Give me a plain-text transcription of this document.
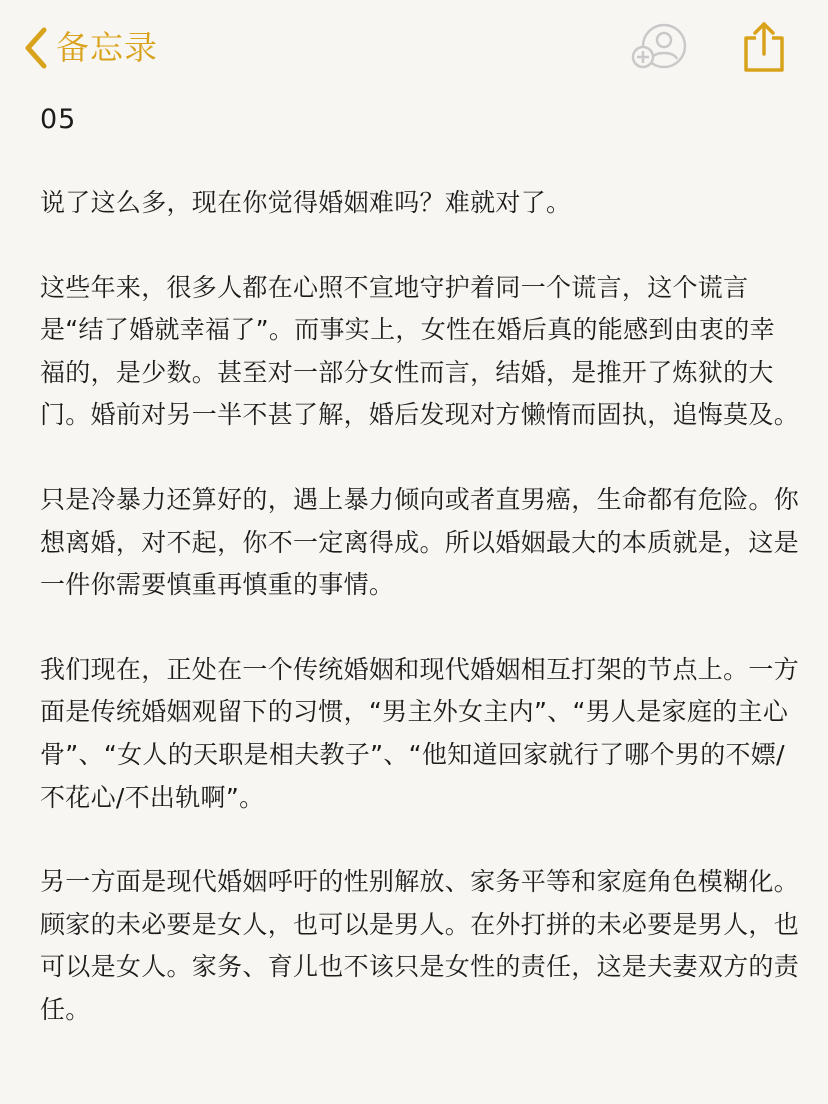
备忘录
05

说了这么多，现在你觉得婚姻难吗？难就对了。

这些年来，很多人都在心照不宣地守护着同一个谎言，这个谎言是“结了婚就幸福了”。而事实上，女性在婚后真的能感到由衷的幸福的，是少数。甚至对一部分女性而言，结婚，是推开了炼狱的大门。婚前对另一半不甚了解，婚后发现对方懒惰而固执，追悔莫及。

只是冷暴力还算好的，遇上暴力倾向或者直男癌，生命都有危险。你想离婚，对不起，你不一定离得成。所以婚姻最大的本质就是，这是一件你需要慎重再慎重的事情。

我们现在，正处在一个传统婚姻和现代婚姻相互打架的节点上。一方面是传统婚姻观留下的习惯，“男主外女主内”、“男人是家庭的主心骨”、“女人的天职是相夫教子”、“他知道回家就行了哪个男的不嫖/不花心/不出轨啊”。

另一方面是现代婚姻呼吁的性别解放、家务平等和家庭角色模糊化。顾家的未必要是女人，也可以是男人。在外打拼的未必要是男人，也可以是女人。家务、育儿也不该只是女性的责任，这是夫妻双方的责任。
